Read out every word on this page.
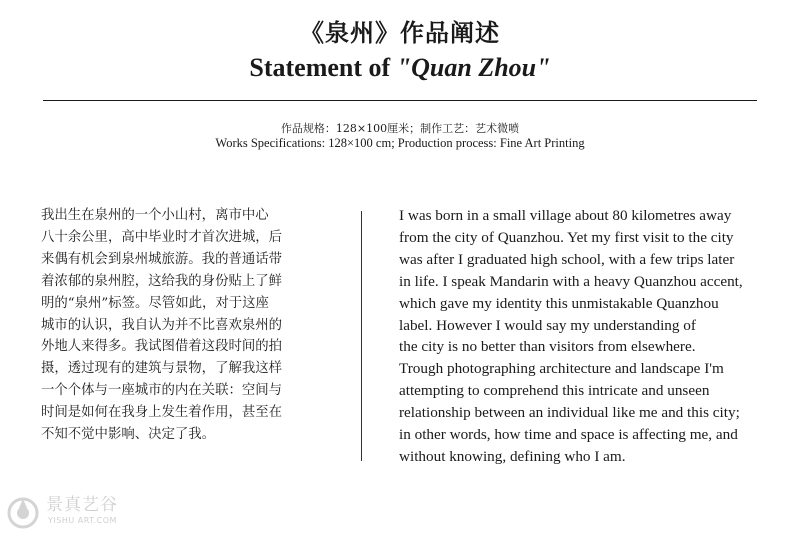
《泉州》作品阐述
Statement of "Quan Zhou"
作品规格：128×100厘米；制作工艺：艺术微喷
Works Specifications: 128×100 cm; Production process: Fine Art Printing
我出生在泉州的一个小山村，离市中心
八十余公里，高中毕业时才首次进城，后
来偶有机会到泉州城旅游。我的普通话带
着浓郁的泉州腔，这给我的身份贴上了鲜
明的“泉州”标签。尽管如此，对于这座
城市的认识，我自认为并不比喜欢泉州的
外地人来得多。我试图借着这段时间的拍
摄，透过现有的建筑与景物，了解我这样
一个个体与一座城市的内在关联：空间与
时间是如何在我身上发生着作用，甚至在
不知不觉中影响、决定了我。
I was born in a small village about 80 kilometres away
from the city of Quanzhou. Yet my first visit to the city
was after I graduated high school, with a few trips later
in life. I speak Mandarin with a heavy Quanzhou accent,
which gave my identity this unmistakable Quanzhou
label. However I would say my understanding of
the city is no better than visitors from elsewhere.
Trough photographing architecture and landscape I'm
attempting to comprehend this intricate and unseen
relationship between an individual like me and this city;
in other words, how time and space is affecting me, and
without knowing, defining who I am.
景真艺谷
YISHU ART.COM
